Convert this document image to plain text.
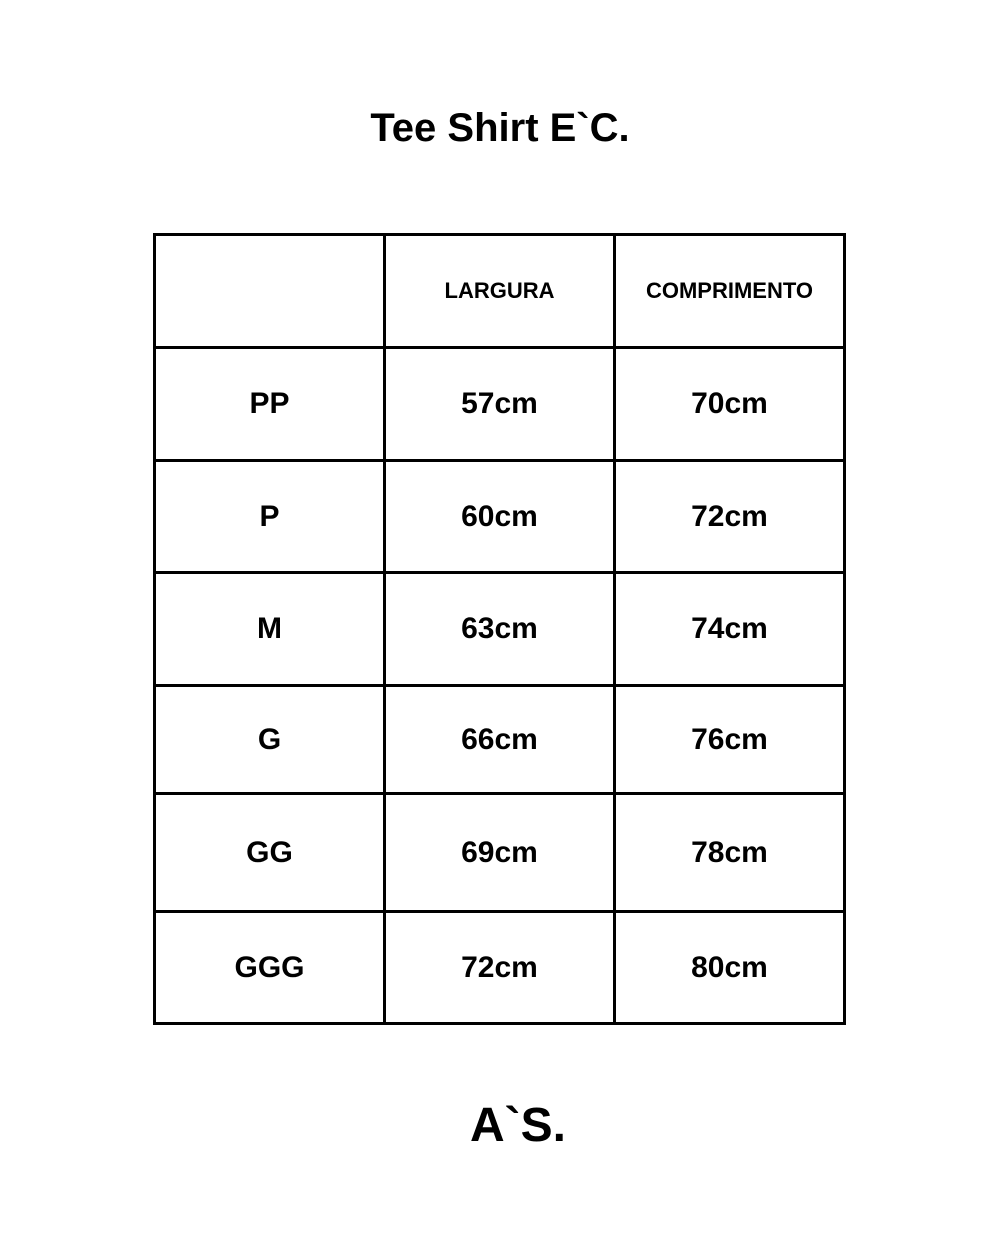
Tee Shirt E`C.
	LARGURA	COMPRIMENTO
PP	57cm	70cm
P	60cm	72cm
M	63cm	74cm
G	66cm	76cm
GG	69cm	78cm
GGG	72cm	80cm
A`S.
